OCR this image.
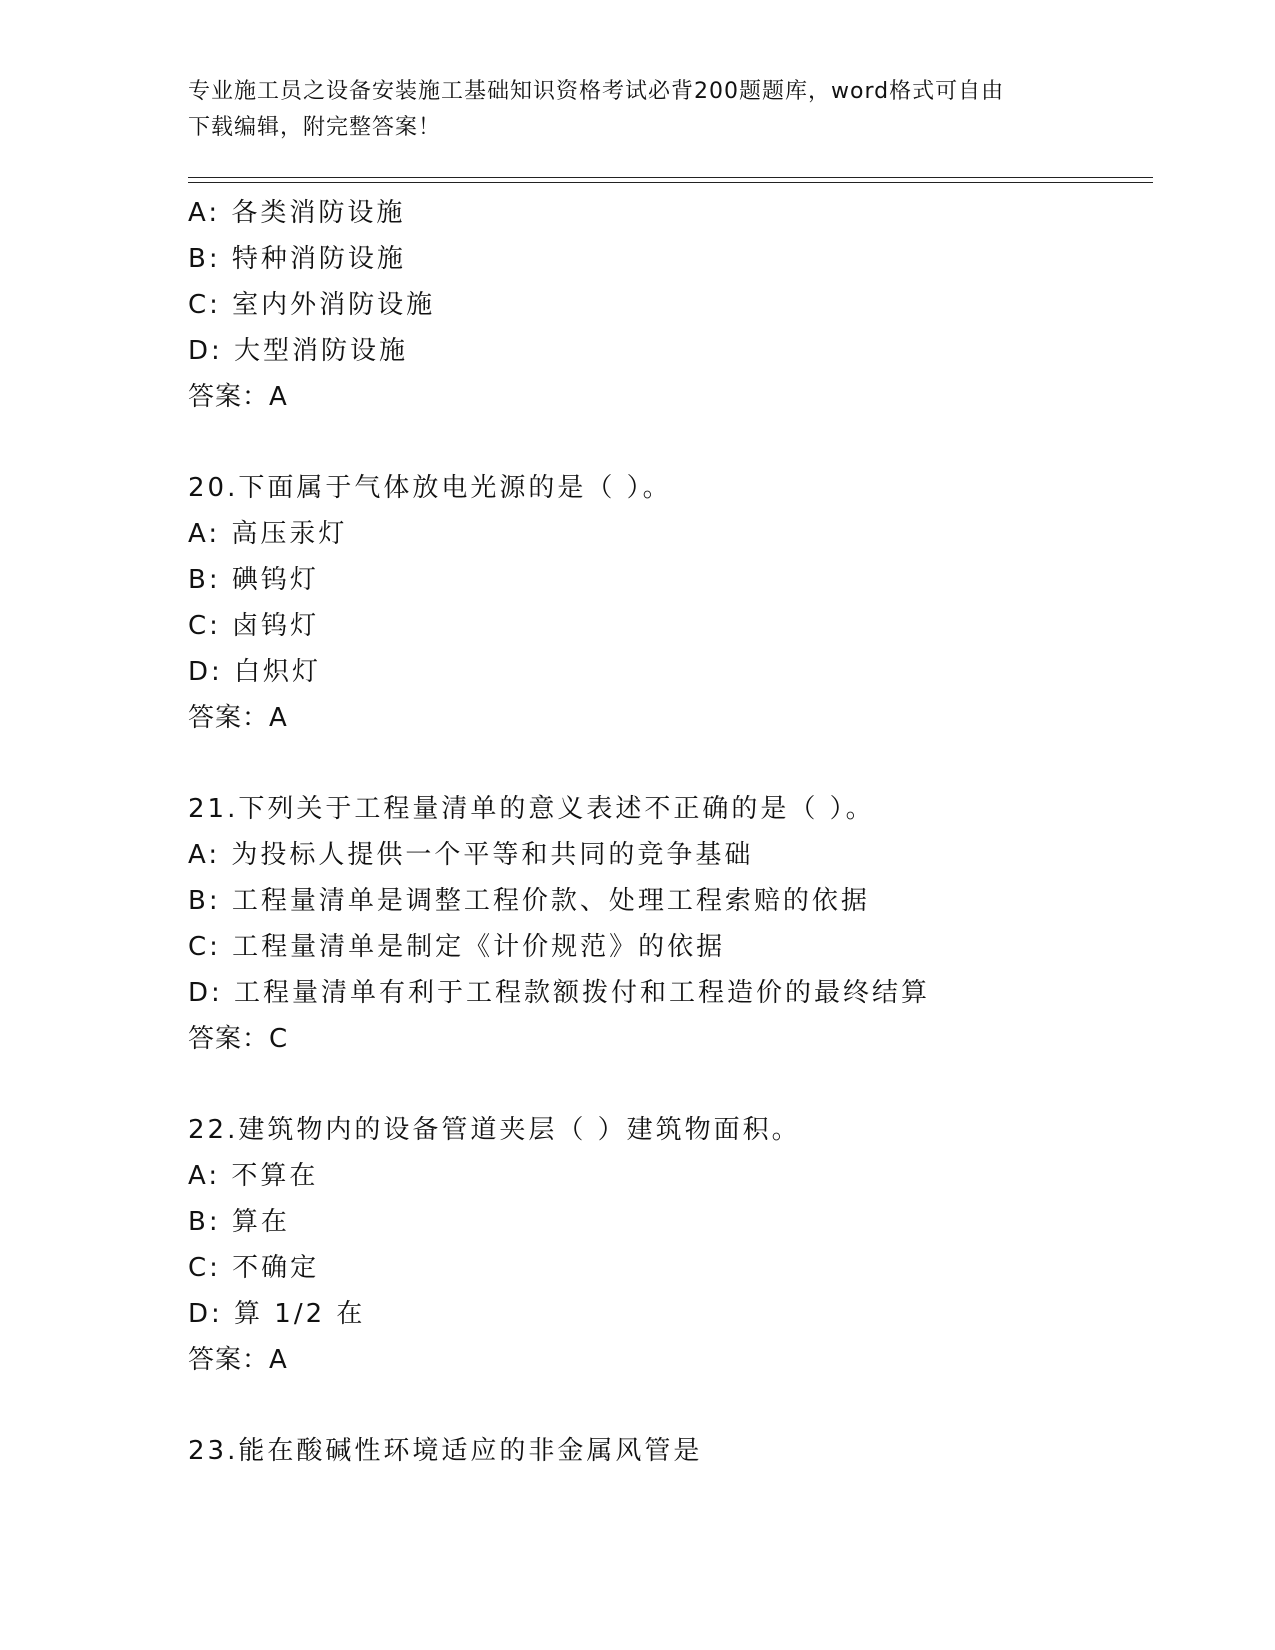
专业施工员之设备安装施工基础知识资格考试必背200题题库，word格式可自由
下载编辑，附完整答案！
A: 各类消防设施
B: 特种消防设施
C: 室内外消防设施
D: 大型消防设施
答案：A
20.下面属于气体放电光源的是（ ）。
A: 高压汞灯
B: 碘钨灯
C: 卤钨灯
D: 白炽灯
答案：A
21.下列关于工程量清单的意义表述不正确的是（ ）。
A: 为投标人提供一个平等和共同的竞争基础
B: 工程量清单是调整工程价款、处理工程索赔的依据
C: 工程量清单是制定《计价规范》的依据
D: 工程量清单有利于工程款额拨付和工程造价的最终结算
答案：C
22.建筑物内的设备管道夹层（ ）建筑物面积。
A: 不算在
B: 算在
C: 不确定
D: 算 1/2 在
答案：A
23.能在酸碱性环境适应的非金属风管是
